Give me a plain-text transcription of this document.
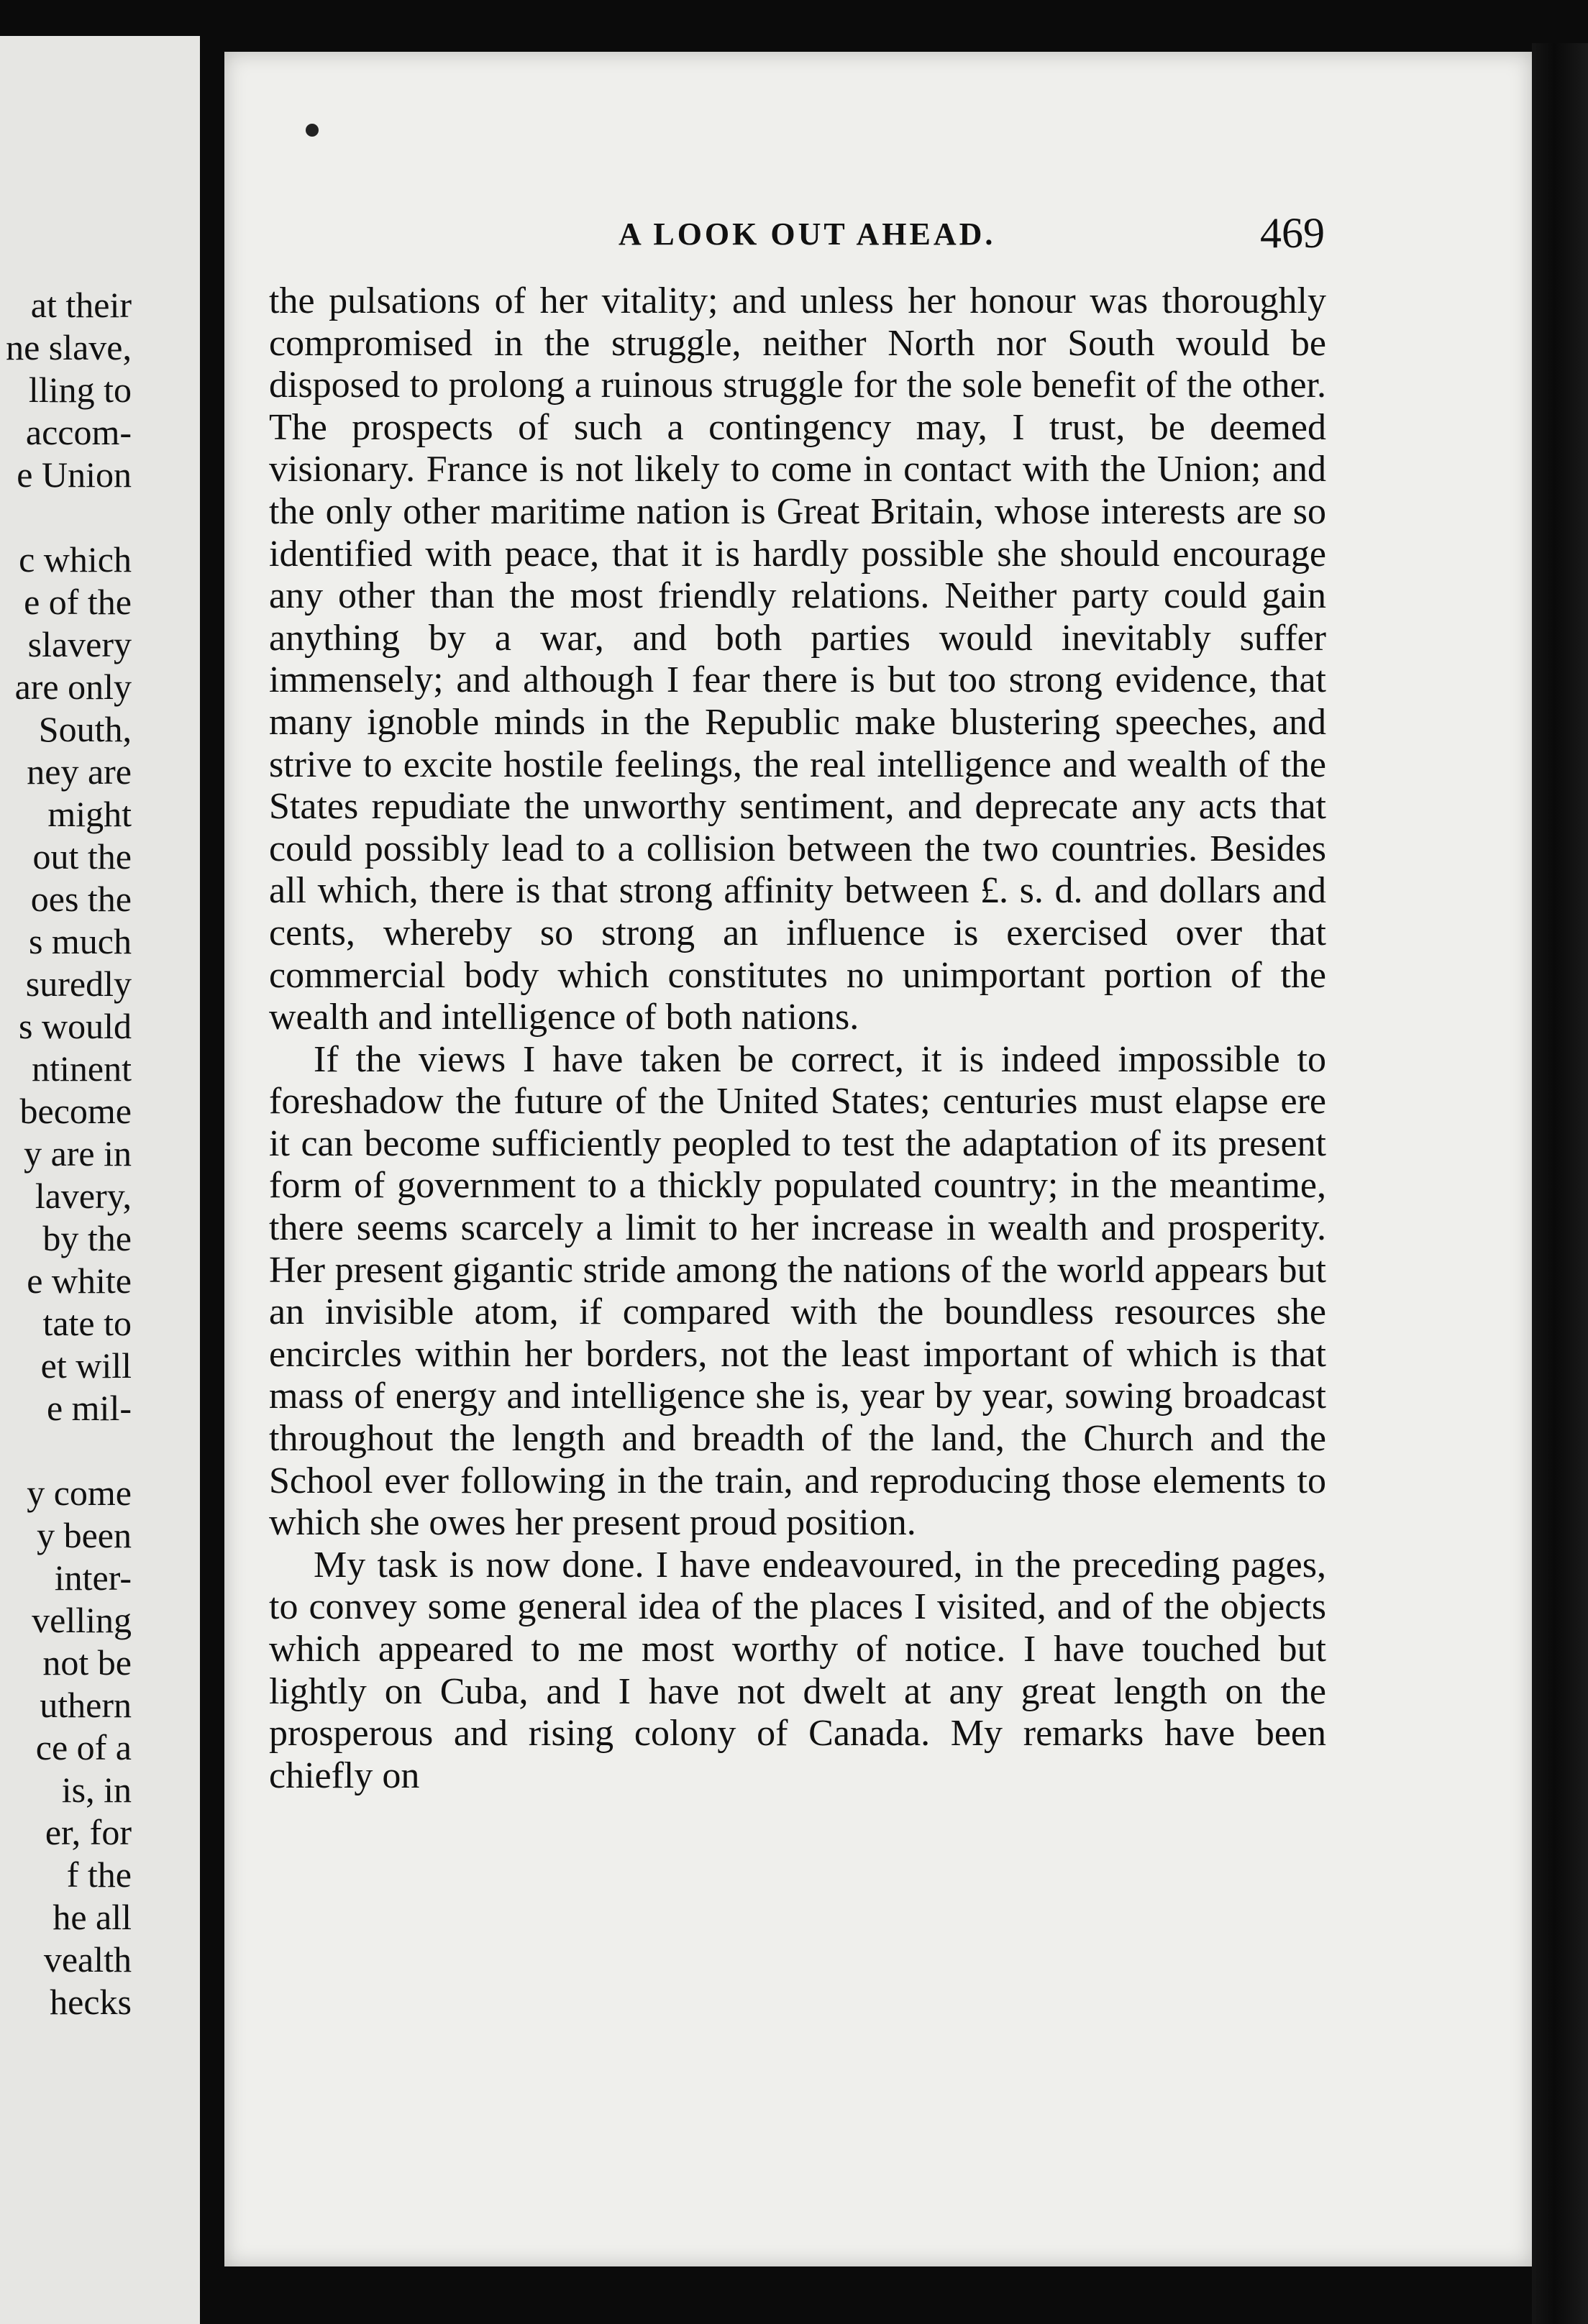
at their
ne slave,
lling to
accom-
e Union
c which
e of the
slavery
are only
South,
ney are
might
out the
oes the
s much
suredly
s would
ntinent
become
y are in
lavery,
by the
e white
tate to
et will
e mil-
y come
y been
inter-
velling
not be
uthern
ce of a
is, in
er, for
f the
he all
vealth
hecks
A LOOK OUT AHEAD.	469

the pulsations of her vitality; and unless her honour was thoroughly compromised in the struggle, neither North nor South would be disposed to prolong a ruinous struggle for the sole benefit of the other. The prospects of such a contingency may, I trust, be deemed visionary. France is not likely to come in contact with the Union; and the only other maritime nation is Great Britain, whose interests are so identified with peace, that it is hardly possible she should encourage any other than the most friendly relations. Neither party could gain anything by a war, and both parties would inevitably suffer immensely; and although I fear there is but too strong evidence, that many ignoble minds in the Republic make blustering speeches, and strive to excite hostile feelings, the real intelligence and wealth of the States repudiate the unworthy sentiment, and deprecate any acts that could possibly lead to a collision between the two countries. Besides all which, there is that strong affinity between £. s. d. and dollars and cents, whereby so strong an influence is exercised over that commercial body which constitutes no unimportant portion of the wealth and intelligence of both nations.

If the views I have taken be correct, it is indeed impossible to foreshadow the future of the United States; centuries must elapse ere it can become sufficiently peopled to test the adaptation of its present form of government to a thickly populated country; in the meantime, there seems scarcely a limit to her increase in wealth and prosperity. Her present gigantic stride among the nations of the world appears but an invisible atom, if compared with the boundless resources she encircles within her borders, not the least important of which is that mass of energy and intelligence she is, year by year, sowing broadcast throughout the length and breadth of the land, the Church and the School ever following in the train, and reproducing those elements to which she owes her present proud position.

My task is now done. I have endeavoured, in the preceding pages, to convey some general idea of the places I visited, and of the objects which appeared to me most worthy of notice. I have touched but lightly on Cuba, and I have not dwelt at any great length on the prosperous and rising colony of Canada. My remarks have been chiefly on
